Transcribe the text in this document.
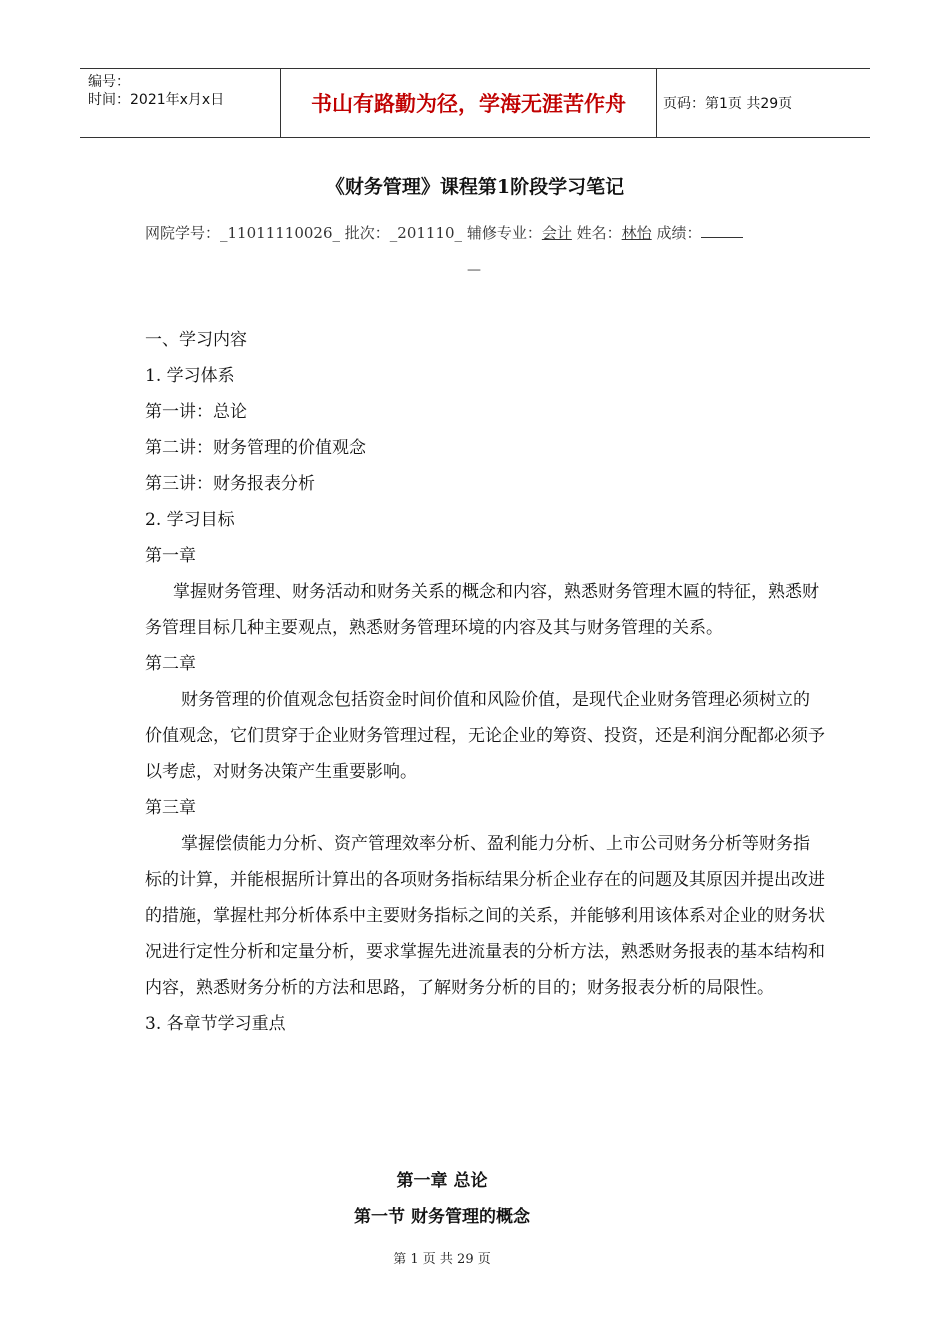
编号：
时间：2021年x月x日	书山有路勤为径，学海无涯苦作舟	页码：第1页 共29页
《财务管理》课程第1阶段学习笔记
网院学号：_11011110026_ 批次：_201110_ 辅修专业：会计 姓名：林怡 成绩：
—

一、学习内容

1. 学习体系

第一讲：总论

第二讲：财务管理的价值观念

第三讲：财务报表分析

2. 学习目标

第一章

掌握财务管理、财务活动和财务关系的概念和内容，熟悉财务管理木匾的特征，熟悉财务管理目标几种主要观点，熟悉财务管理环境的内容及其与财务管理的关系。

第二章

财务管理的价值观念包括资金时间价值和风险价值，是现代企业财务管理必须树立的价值观念，它们贯穿于企业财务管理过程，无论企业的筹资、投资，还是利润分配都必须予以考虑，对财务决策产生重要影响。

第三章

掌握偿债能力分析、资产管理效率分析、盈利能力分析、上市公司财务分析等财务指标的计算，并能根据所计算出的各项财务指标结果分析企业存在的问题及其原因并提出改进的措施，掌握杜邦分析体系中主要财务指标之间的关系，并能够利用该体系对企业的财务状况进行定性分析和定量分析，要求掌握先进流量表的分析方法，熟悉财务报表的基本结构和内容，熟悉财务分析的方法和思路，了解财务分析的目的；财务报表分析的局限性。

3. 各章节学习重点

第一章 总论
第一节 财务管理的概念
第 1 页 共 29 页
